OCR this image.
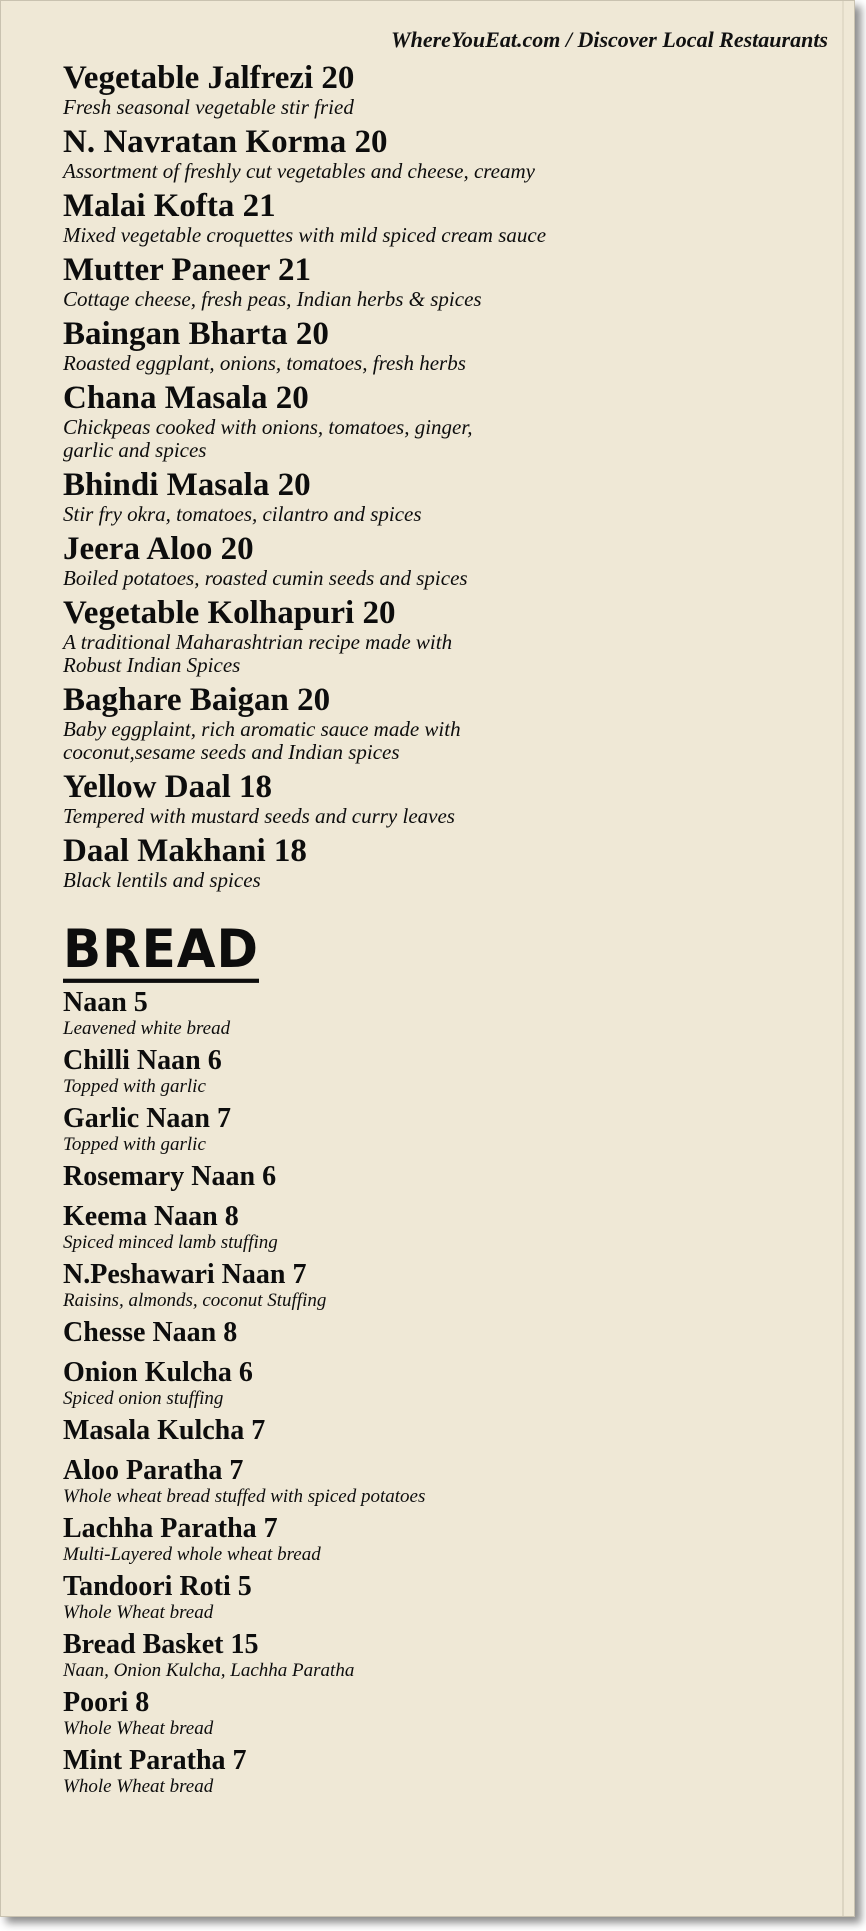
WhereYouEat.com / Discover Local Restaurants
Vegetable Jalfrezi 20
Fresh seasonal vegetable stir fried
N. Navratan Korma 20
Assortment of freshly cut vegetables and cheese, creamy
Malai Kofta 21
Mixed vegetable croquettes with mild spiced cream sauce
Mutter Paneer 21
Cottage cheese, fresh peas, Indian herbs & spices
Baingan Bharta 20
Roasted eggplant, onions, tomatoes, fresh herbs
Chana Masala 20
Chickpeas cooked with onions, tomatoes, ginger,
garlic and spices
Bhindi Masala 20
Stir fry okra, tomatoes, cilantro and spices
Jeera Aloo 20
Boiled potatoes, roasted cumin seeds and spices
Vegetable Kolhapuri 20
A traditional Maharashtrian recipe made with
Robust Indian Spices
Baghare Baigan 20
Baby eggplaint, rich aromatic sauce made with
coconut,sesame seeds and Indian spices
Yellow Daal 18
Tempered with mustard seeds and curry leaves
Daal Makhani 18
Black lentils and spices
BREAD
Naan 5
Leavened white bread
Chilli Naan 6
Topped with garlic
Garlic Naan 7
Topped with garlic
Rosemary Naan 6
Keema Naan 8
Spiced minced lamb stuffing
N.Peshawari Naan 7
Raisins, almonds, coconut Stuffing
Chesse Naan 8
Onion Kulcha 6
Spiced onion stuffing
Masala Kulcha 7
Aloo Paratha 7
Whole wheat bread stuffed with spiced potatoes
Lachha Paratha 7
Multi-Layered whole wheat bread
Tandoori Roti 5
Whole Wheat bread
Bread Basket 15
Naan, Onion Kulcha, Lachha Paratha
Poori 8
Whole Wheat bread
Mint Paratha 7
Whole Wheat bread
